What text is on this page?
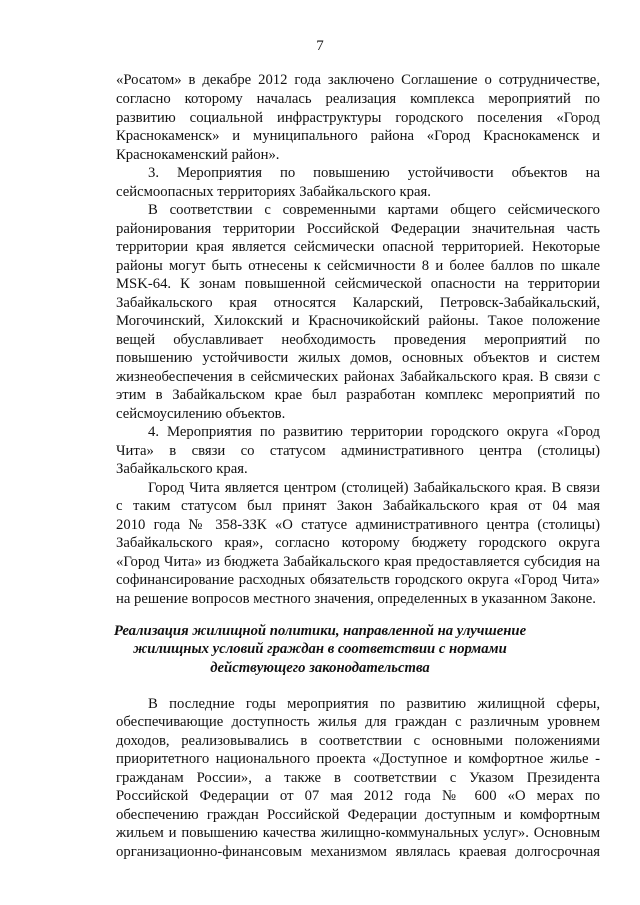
7
«Росатом» в декабре 2012 года заключено Соглашение о сотрудничестве,
согласно которому началась реализация комплекса мероприятий по
развитию социальной инфраструктуры городского поселения «Город
Краснокаменск» и муниципального района «Город Краснокаменск и
Краснокаменский район».
3. Мероприятия по повышению устойчивости объектов на
сейсмоопасных территориях Забайкальского края.
В соответствии с современными картами общего сейсмического
районирования территории Российской Федерации значительная часть
территории края является сейсмически опасной территорией. Некоторые
районы могут быть отнесены к сейсмичности 8 и более баллов по шкале
MSK-64. К зонам повышенной сейсмической опасности на территории
Забайкальского края относятся Каларский, Петровск-Забайкальский,
Могочинский, Хилокский и Красночикойский районы. Такое положение
вещей обуславливает необходимость проведения мероприятий по
повышению устойчивости жилых домов, основных объектов и систем
жизнеобеспечения в сейсмических районах Забайкальского края. В связи с
этим в Забайкальском крае был разработан комплекс мероприятий по
сейсмоусилению объектов.
4. Мероприятия по развитию территории городского округа «Город
Чита» в связи со статусом административного центра (столицы)
Забайкальского края.
Город Чита является центром (столицей) Забайкальского края. В связи
с таким статусом был принят Закон Забайкальского края от 04 мая
2010 года № 358-ЗЗК «О статусе административного центра (столицы)
Забайкальского края», согласно которому бюджету городского округа
«Город Чита» из бюджета Забайкальского края предоставляется субсидия на
софинансирование расходных обязательств городского округа «Город Чита»
на решение вопросов местного значения, определенных в указанном Законе.
Реализация жилищной политики, направленной на улучшение
жилищных условий граждан в соответствии с нормами
действующего законодательства
В последние годы мероприятия по развитию жилищной сферы,
обеспечивающие доступность жилья для граждан с различным уровнем
доходов, реализовывались в соответствии с основными положениями
приоритетного национального проекта «Доступное и комфортное жилье -
гражданам России», а также в соответствии с Указом Президента
Российской Федерации от 07 мая 2012 года № 600 «О мерах по
обеспечению граждан Российской Федерации доступным и комфортным
жильем и повышению качества жилищно-коммунальных услуг». Основным
организационно-финансовым механизмом являлась краевая долгосрочная
